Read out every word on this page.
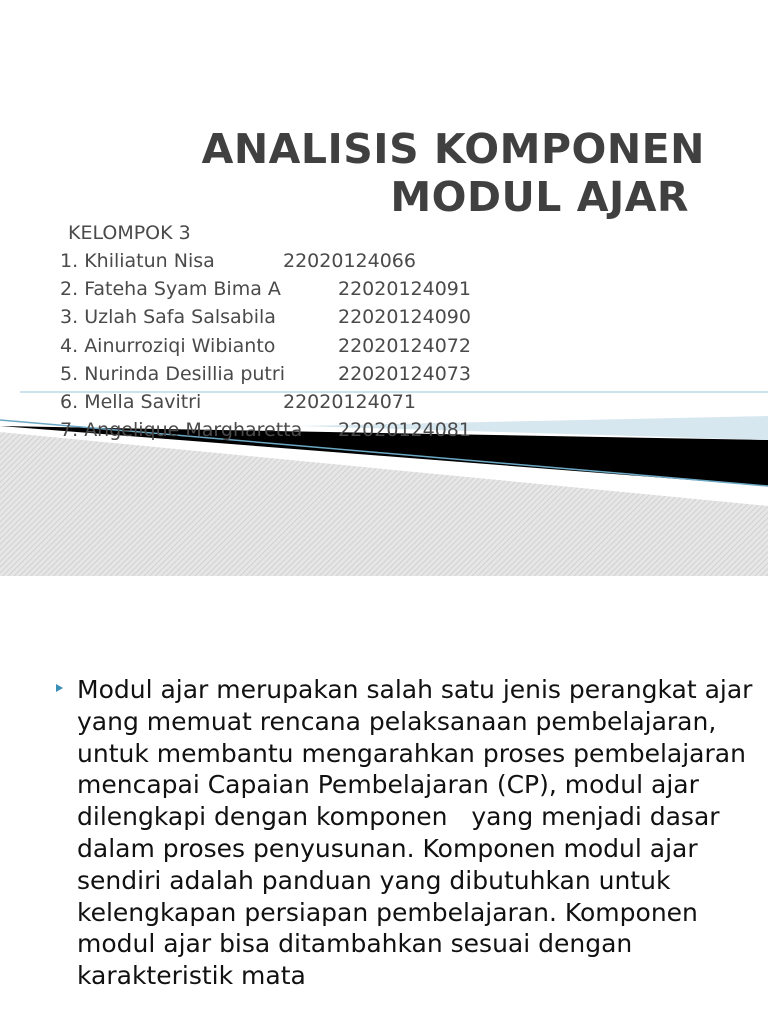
ANALISIS KOMPONEN
MODUL AJAR
KELOMPOK 3
1. Khiliatun Nisa	22020124066
2. Fateha Syam Bima A	22020124091
3. Uzlah Safa Salsabila	22020124090
4. Ainurroziqi Wibianto	22020124072
5. Nurinda Desillia putri	22020124073
6. Mella Savitri	22020124071
7. Angelique Margharetta 22020124081
Modul ajar merupakan salah satu jenis perangkat ajar yang memuat rencana pelaksanaan pembelajaran, untuk membantu mengarahkan proses pembelajaran mencapai Capaian Pembelajaran (CP), modul ajar dilengkapi dengan komponen   yang menjadi dasar dalam proses penyusunan. Komponen modul ajar sendiri adalah panduan yang dibutuhkan untuk kelengkapan persiapan pembelajaran. Komponen modul ajar bisa ditambahkan sesuai dengan karakteristik mata
